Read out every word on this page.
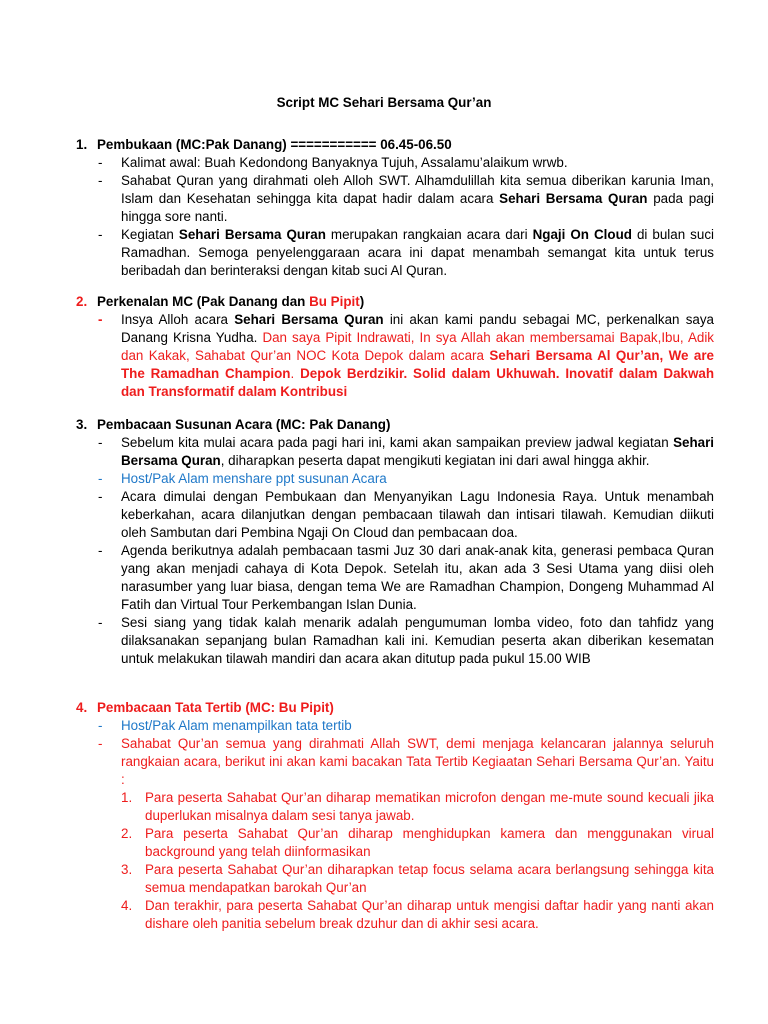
Script MC Sehari Bersama Qur’an
1. Pembukaan (MC:Pak Danang) =========== 06.45-06.50
- Kalimat awal: Buah Kedondong Banyaknya Tujuh, Assalamu’alaikum wrwb.
- Sahabat Quran yang dirahmati oleh Alloh SWT. Alhamdulillah kita semua diberikan karunia Iman, Islam dan Kesehatan sehingga kita dapat hadir dalam acara Sehari Bersama Quran pada pagi hingga sore nanti.
- Kegiatan Sehari Bersama Quran merupakan rangkaian acara dari Ngaji On Cloud di bulan suci Ramadhan. Semoga penyelenggaraan acara ini dapat menambah semangat kita untuk terus beribadah dan berinteraksi dengan kitab suci Al Quran.
2. Perkenalan MC (Pak Danang dan Bu Pipit)
- Insya Alloh acara Sehari Bersama Quran ini akan kami pandu sebagai MC, perkenalkan saya Danang Krisna Yudha. Dan saya Pipit Indrawati, In sya Allah akan membersamai Bapak,Ibu, Adik dan Kakak, Sahabat Qur’an NOC Kota Depok dalam acara Sehari Bersama Al Qur’an, We are The Ramadhan Champion. Depok Berdzikir. Solid dalam Ukhuwah. Inovatif dalam Dakwah dan Transformatif dalam Kontribusi
3. Pembacaan Susunan Acara (MC: Pak Danang)
- Sebelum kita mulai acara pada pagi hari ini, kami akan sampaikan preview jadwal kegiatan Sehari Bersama Quran, diharapkan peserta dapat mengikuti kegiatan ini dari awal hingga akhir.
- Host/Pak Alam menshare ppt susunan Acara
- Acara dimulai dengan Pembukaan dan Menyanyikan Lagu Indonesia Raya. Untuk menambah keberkahan, acara dilanjutkan dengan pembacaan tilawah dan intisari tilawah. Kemudian diikuti oleh Sambutan dari Pembina Ngaji On Cloud dan pembacaan doa.
- Agenda berikutnya adalah pembacaan tasmi Juz 30 dari anak-anak kita, generasi pembaca Quran yang akan menjadi cahaya di Kota Depok. Setelah itu, akan ada 3 Sesi Utama yang diisi oleh narasumber yang luar biasa, dengan tema We are Ramadhan Champion, Dongeng Muhammad Al Fatih dan Virtual Tour Perkembangan Islan Dunia.
- Sesi siang yang tidak kalah menarik adalah pengumuman lomba video, foto dan tahfidz yang dilaksanakan sepanjang bulan Ramadhan kali ini. Kemudian peserta akan diberikan kesematan untuk melakukan tilawah mandiri dan acara akan ditutup pada pukul 15.00 WIB
4. Pembacaan Tata Tertib (MC: Bu Pipit)
- Host/Pak Alam menampilkan tata tertib
- Sahabat Qur’an semua yang dirahmati Allah SWT, demi menjaga kelancaran jalannya seluruh rangkaian acara, berikut ini akan kami bacakan Tata Tertib Kegiaatan Sehari Bersama Qur’an. Yaitu :
1. Para peserta Sahabat Qur’an diharap mematikan microfon dengan me-mute sound kecuali jika duperlukan misalnya dalam sesi tanya jawab.
2. Para peserta Sahabat Qur’an diharap menghidupkan kamera dan menggunakan virual background yang telah diinformasikan
3. Para peserta Sahabat Qur’an diharapkan tetap focus selama acara berlangsung sehingga kita semua mendapatkan barokah Qur’an
4. Dan terakhir, para peserta Sahabat Qur’an diharap untuk mengisi daftar hadir yang nanti akan dishare oleh panitia sebelum break dzuhur dan di akhir sesi acara.
